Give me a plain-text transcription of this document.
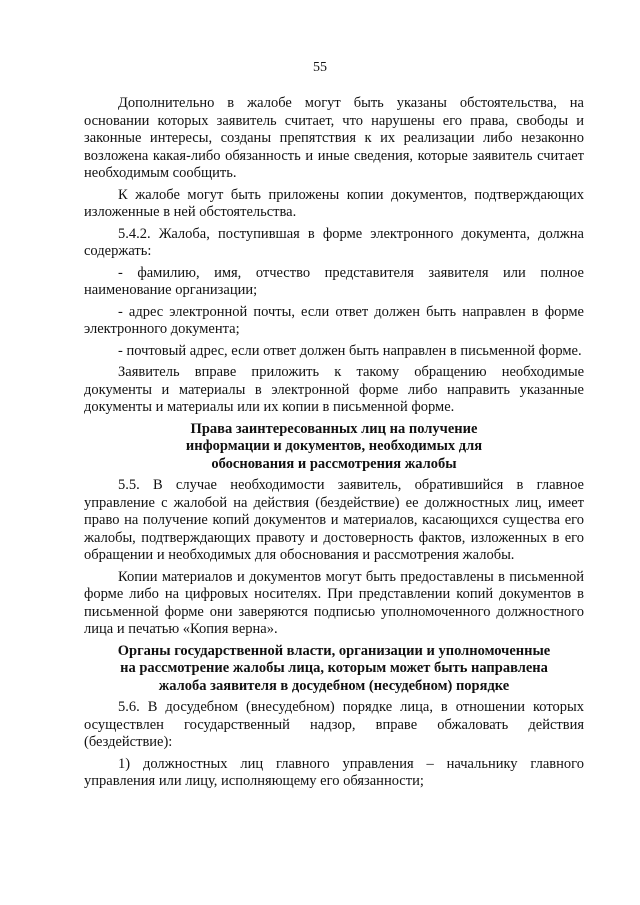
55

Дополнительно в жалобе могут быть указаны обстоятельства, на основании которых заявитель считает, что нарушены его права, свободы и законные интересы, созданы препятствия к их реализации либо незаконно возложена какая-либо обязанность и иные сведения, которые заявитель считает необходимым сообщить.

К жалобе могут быть приложены копии документов, подтверждающих изложенные в ней обстоятельства.

5.4.2. Жалоба, поступившая в форме электронного документа, должна содержать:

- фамилию, имя, отчество представителя заявителя или полное наименование организации;

- адрес электронной почты, если ответ должен быть направлен в форме электронного документа;

- почтовый адрес, если ответ должен быть направлен в письменной форме.

Заявитель вправе приложить к такому обращению необходимые документы и материалы в электронной форме либо направить указанные документы и материалы или их копии в письменной форме.

Права заинтересованных лиц на получение
информации и документов, необходимых для
обоснования и рассмотрения жалобы

5.5. В случае необходимости заявитель, обратившийся в главное управление с жалобой на действия (бездействие) ее должностных лиц, имеет право на получение копий документов и материалов, касающихся существа его жалобы, подтверждающих правоту и достоверность фактов, изложенных в его обращении и необходимых для обоснования и рассмотрения жалобы.

Копии материалов и документов могут быть предоставлены в письменной форме либо на цифровых носителях. При представлении копий документов в письменной форме они заверяются подписью уполномоченного должностного лица и печатью «Копия верна».

Органы государственной власти, организации и уполномоченные
на рассмотрение жалобы лица, которым может быть направлена
жалоба заявителя в досудебном (несудебном) порядке

5.6. В досудебном (внесудебном) порядке лица, в отношении которых осуществлен государственный надзор, вправе обжаловать действия (бездействие):

1) должностных лиц главного управления – начальнику главного управления или лицу, исполняющему его обязанности;
